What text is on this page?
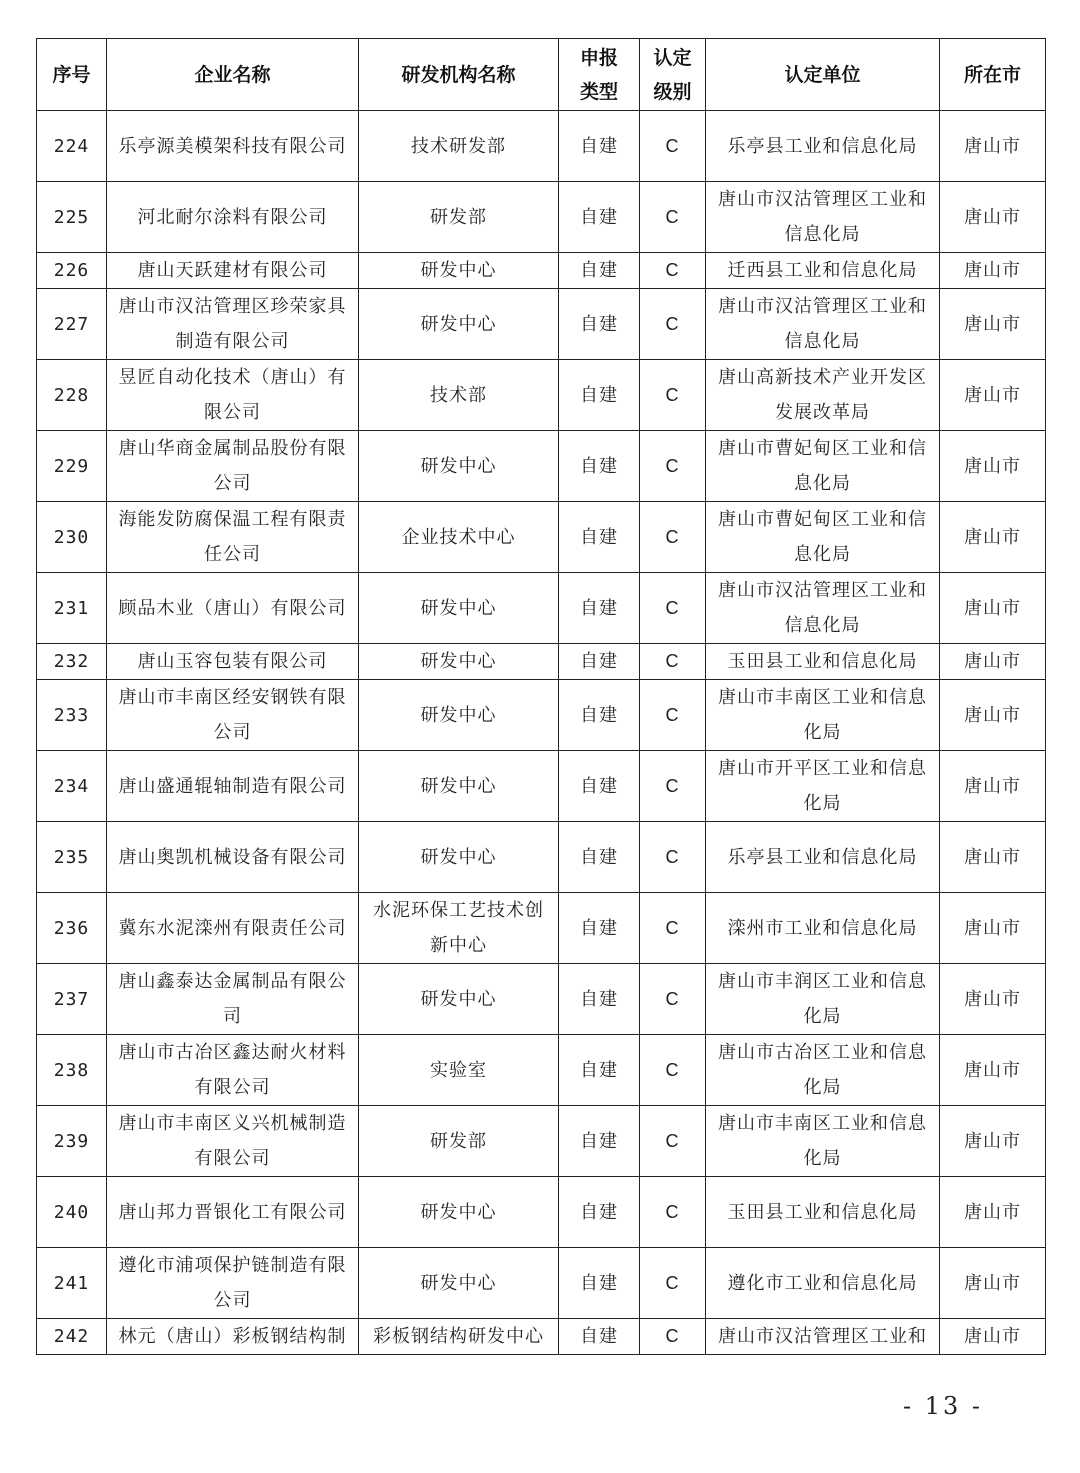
序号	企业名称	研发机构名称	申报类型	认定级别	认定单位	所在市
224	乐亭源美模架科技有限公司	技术研发部	自建	C	乐亭县工业和信息化局	唐山市
225	河北耐尔涂料有限公司	研发部	自建	C	唐山市汉沽管理区工业和信息化局	唐山市
226	唐山天跃建材有限公司	研发中心	自建	C	迁西县工业和信息化局	唐山市
227	唐山市汉沽管理区珍荣家具制造有限公司	研发中心	自建	C	唐山市汉沽管理区工业和信息化局	唐山市
228	昱匠自动化技术（唐山）有限公司	技术部	自建	C	唐山高新技术产业开发区发展改革局	唐山市
229	唐山华商金属制品股份有限公司	研发中心	自建	C	唐山市曹妃甸区工业和信息化局	唐山市
230	海能发防腐保温工程有限责任公司	企业技术中心	自建	C	唐山市曹妃甸区工业和信息化局	唐山市
231	顾品木业（唐山）有限公司	研发中心	自建	C	唐山市汉沽管理区工业和信息化局	唐山市
232	唐山玉容包装有限公司	研发中心	自建	C	玉田县工业和信息化局	唐山市
233	唐山市丰南区经安钢铁有限公司	研发中心	自建	C	唐山市丰南区工业和信息化局	唐山市
234	唐山盛通辊轴制造有限公司	研发中心	自建	C	唐山市开平区工业和信息化局	唐山市
235	唐山奥凯机械设备有限公司	研发中心	自建	C	乐亭县工业和信息化局	唐山市
236	冀东水泥滦州有限责任公司	水泥环保工艺技术创新中心	自建	C	滦州市工业和信息化局	唐山市
237	唐山鑫泰达金属制品有限公司	研发中心	自建	C	唐山市丰润区工业和信息化局	唐山市
238	唐山市古冶区鑫达耐火材料有限公司	实验室	自建	C	唐山市古冶区工业和信息化局	唐山市
239	唐山市丰南区义兴机械制造有限公司	研发部	自建	C	唐山市丰南区工业和信息化局	唐山市
240	唐山邦力晋银化工有限公司	研发中心	自建	C	玉田县工业和信息化局	唐山市
241	遵化市浦项保护链制造有限公司	研发中心	自建	C	遵化市工业和信息化局	唐山市
242	林元（唐山）彩板钢结构制	彩板钢结构研发中心	自建	C	唐山市汉沽管理区工业和	唐山市
- 13 -
